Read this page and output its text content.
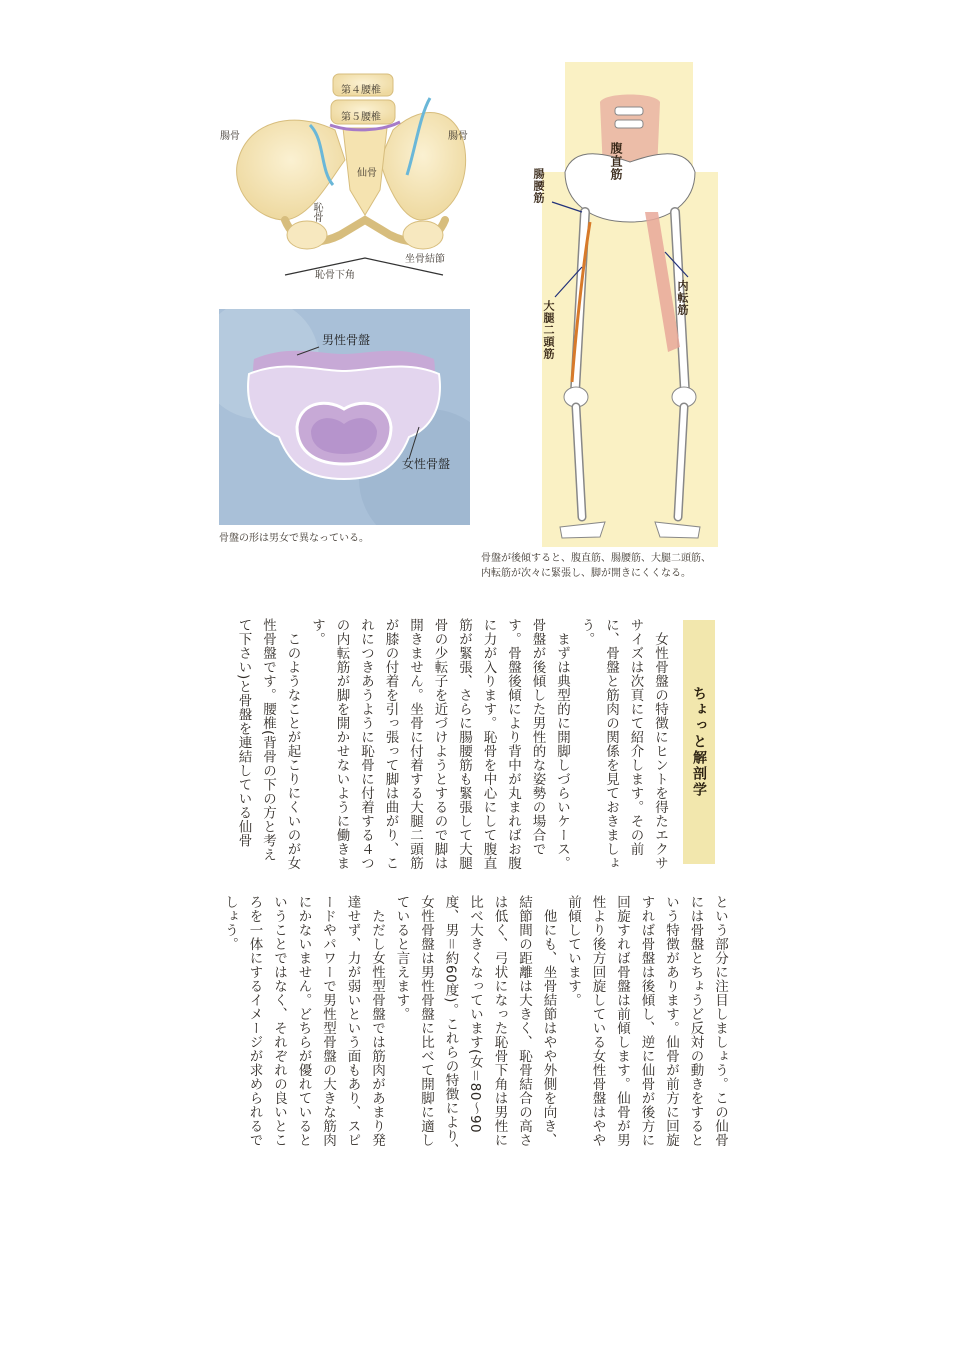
第４腰椎
第５腰椎
腸骨	腸骨
仙骨
恥骨
坐骨結節
恥骨下角
男性骨盤
女性骨盤
骨盤の形は男女で異なっている。
腹直筋
腸腰筋
内転筋
大腿二頭筋
骨盤が後傾すると、腹直筋、腸腰筋、大腿二頭筋、
内転筋が次々に緊張し、脚が開きにくくなる。
ちょっと解剖学

女性骨盤の特徴にヒントを得たエクササイズは次頁にて紹介します。その前に、骨盤と筋肉の関係を見ておきましょう。

まずは典型的に開脚しづらいケース。骨盤が後傾した男性的な姿勢の場合です。骨盤後傾により背中が丸まればお腹に力が入ります。恥骨を中心にして腹直筋が緊張、さらに腸腰筋も緊張して大腿骨の少転子を近づけようとするので脚は開きません。坐骨に付着する大腿二頭筋が膝の付着を引っ張って脚は曲がり、これにつきあうように恥骨に付着する４つの内転筋が脚を開かせないように働きます。

このようなことが起こりにくいのが女性骨盤です。腰椎(背骨の下の方と考えて下さい)と骨盤を連結している仙骨

という部分に注目しましょう。この仙骨には骨盤とちょうど反対の動きをするという特徴があります。仙骨が前方に回旋すれば骨盤は後傾し、逆に仙骨が後方に回旋すれば骨盤は前傾します。仙骨が男性より後方回旋している女性骨盤はやや前傾しています。

他にも、坐骨結節はやや外側を向き、結節間の距離は大きく、恥骨結合の高さは低く、弓状になった恥骨下角は男性に比べ大きくなっています(女＝80～90度、男＝約60度)。これらの特徴により、女性骨盤は男性骨盤に比べて開脚に適していると言えます。

ただし女性型骨盤では筋肉があまり発達せず、力が弱いという面もあり、スピードやパワーで男性型骨盤の大きな筋肉にかないません。どちらが優れているということではなく、それぞれの良いところを一体にするイメージが求められるでしょう。
